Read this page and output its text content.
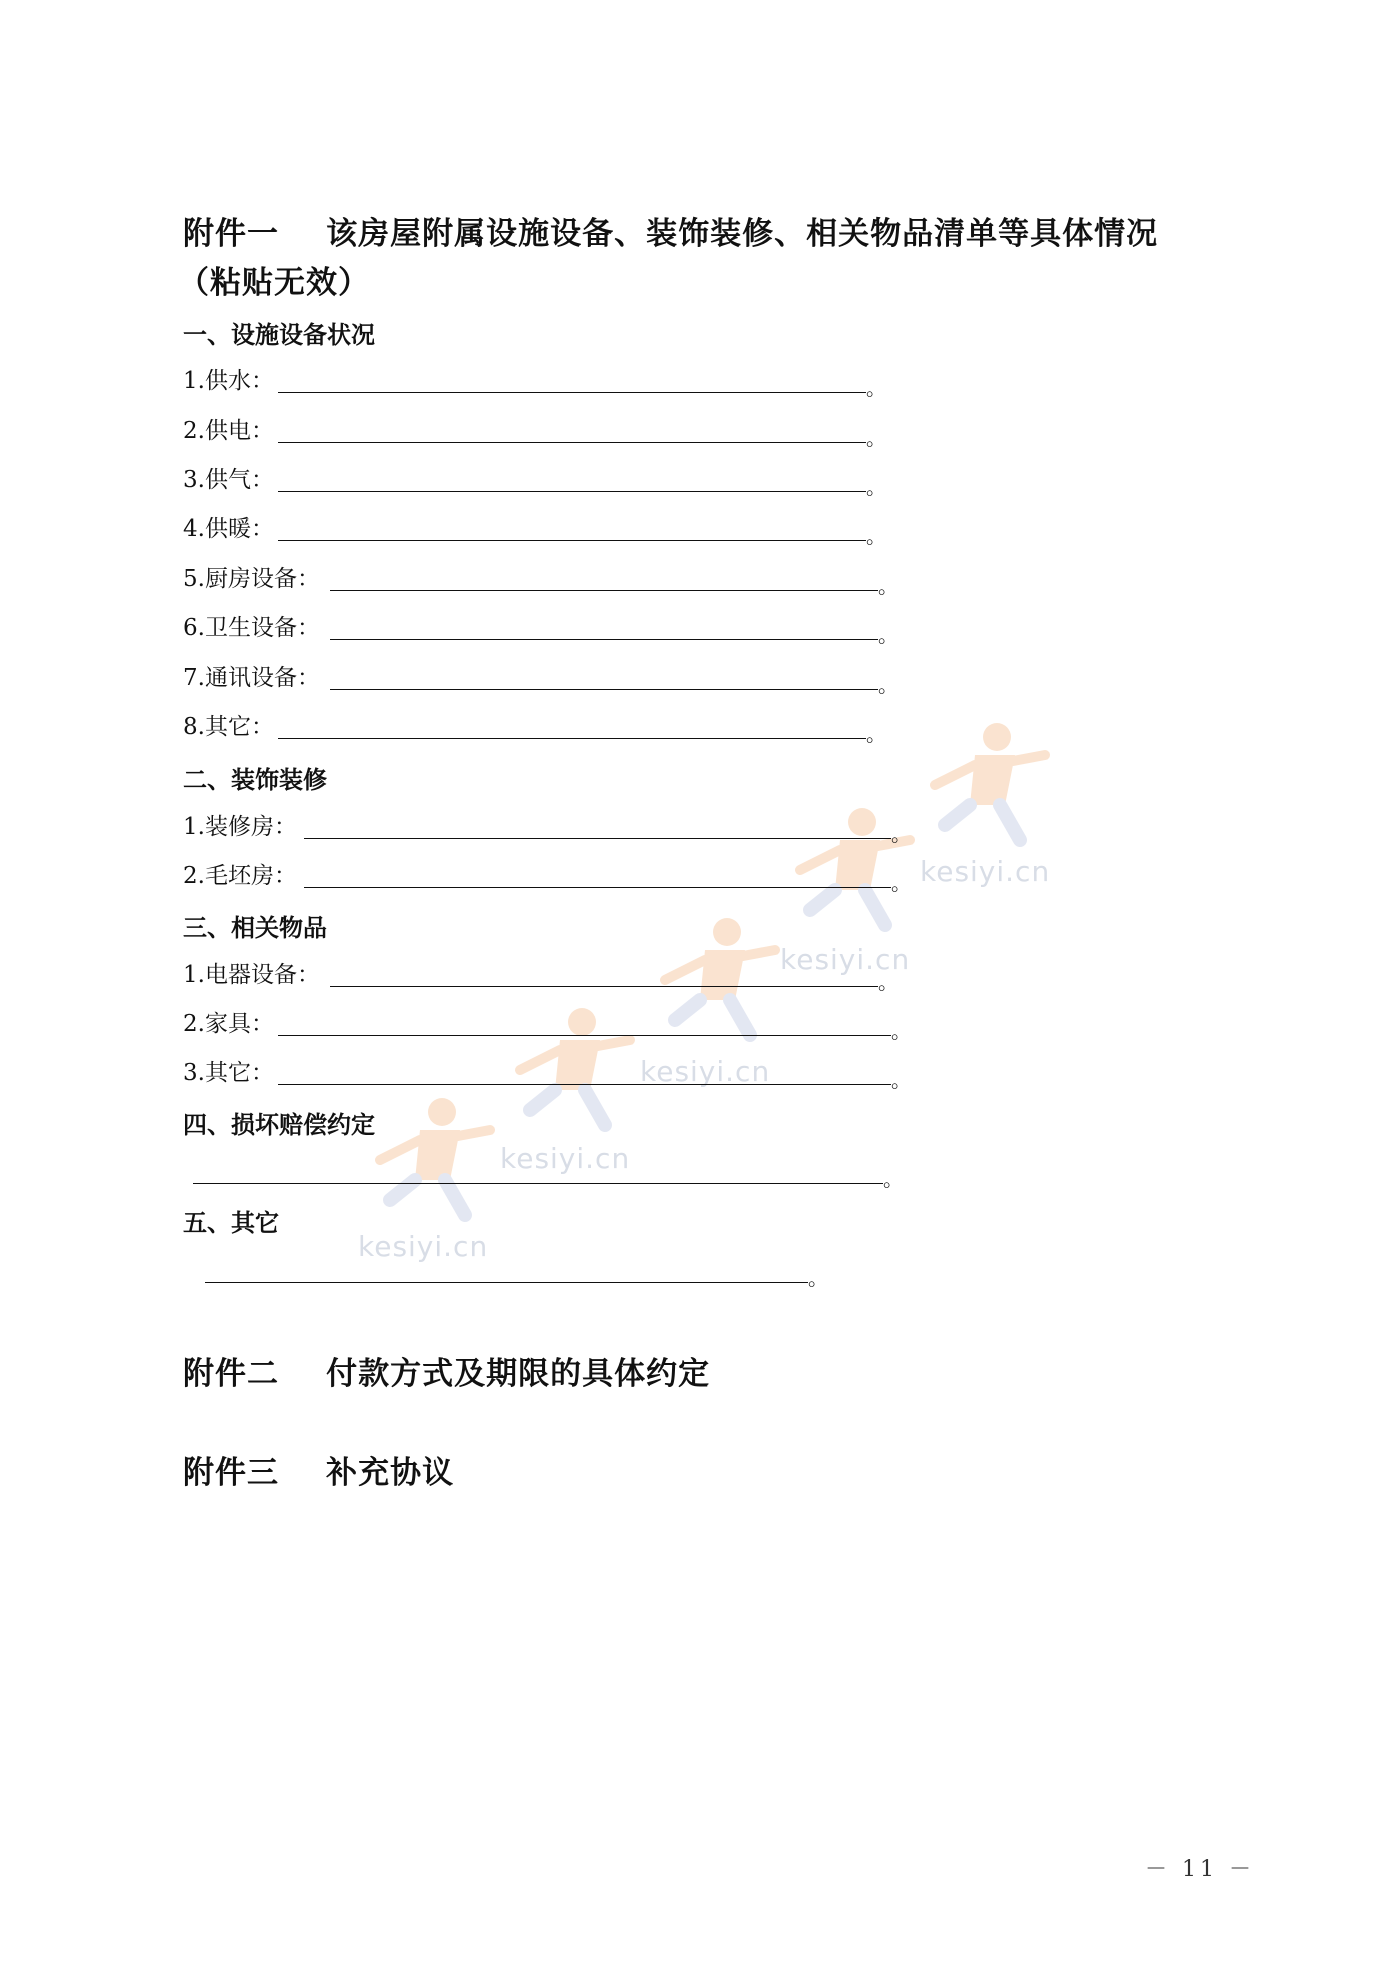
kesiyi.cn
kesiyi.cn
kesiyi.cn
kesiyi.cn
kesiyi.cn
附件一    该房屋附属设施设备、装饰装修、相关物品清单等具体情况
（粘贴无效）
一、设施设备状况
1.供水：	。
2.供电：	。
3.供气：	。
4.供暖：	。
5.厨房设备：	。
6.卫生设备：	。
7.通讯设备：	。
8.其它：	。
二、装饰装修
1.装修房：	。
2.毛坯房：	。
三、相关物品
1.电器设备：	。
2.家具：	。
3.其它：	。
四、损坏赔偿约定
。
五、其它
。
附件二    付款方式及期限的具体约定
附件三    补充协议
－ 11 －
